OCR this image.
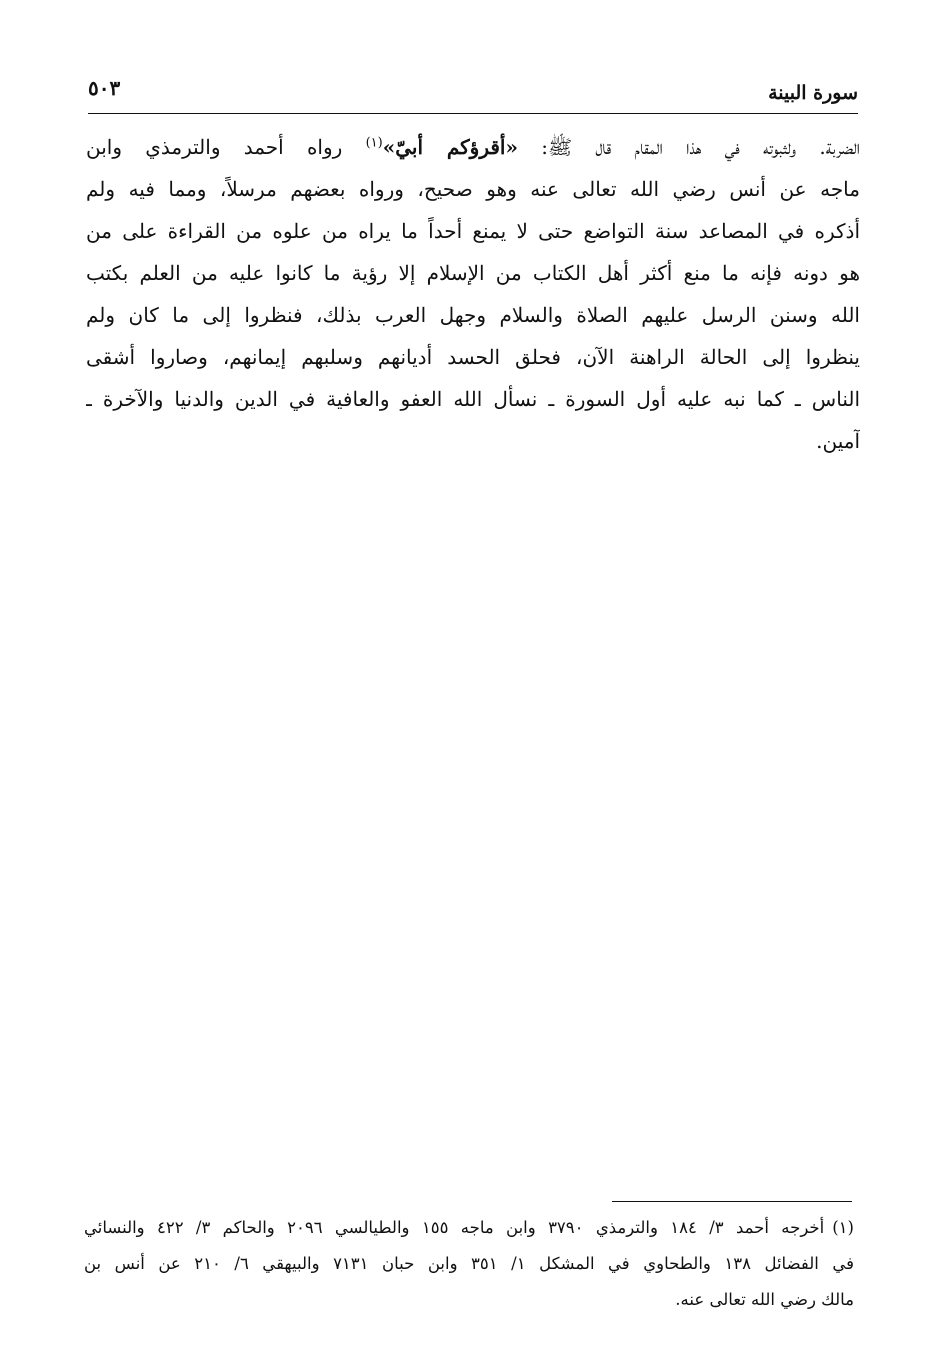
سورة البينة
٥٠٣
الضربة. ولثبوته في هذا المقام قال ﷺ: «أقرؤكم أبيّ»$^{(١)}$ رواه أحمد والترمذي وابن
ماجه عن أنس رضي الله تعالى عنه وهو صحيح، ورواه بعضهم مرسلاً، ومما فيه ولم
أذكره في المصاعد سنة التواضع حتى لا يمنع أحداً ما يراه من علوه من القراءة على من
هو دونه فإنه ما منع أكثر أهل الكتاب من الإسلام إلا رؤية ما كانوا عليه من العلم بكتب
الله وسنن الرسل عليهم الصلاة والسلام وجهل العرب بذلك، فنظروا إلى ما كان ولم
ينظروا إلى الحالة الراهنة الآن، فحلق الحسد أديانهم وسلبهم إيمانهم، وصاروا أشقى
الناس ـ كما نبه عليه أول السورة ـ نسأل الله العفو والعافية في الدين والدنيا والآخرة ـ
آمين.
(١)أخرجه أحمد ٣/ ١٨٤ والترمذي ٣٧٩٠ وابن ماجه ١٥٥ والطيالسي ٢٠٩٦ والحاكم ٣/ ٤٢٢ والنسائي
في الفضائل ١٣٨ والطحاوي في المشكل ١/ ٣٥١ وابن حبان ٧١٣١ والبيهقي ٦/ ٢١٠ عن أنس بن
مالك رضي الله تعالى عنه.
